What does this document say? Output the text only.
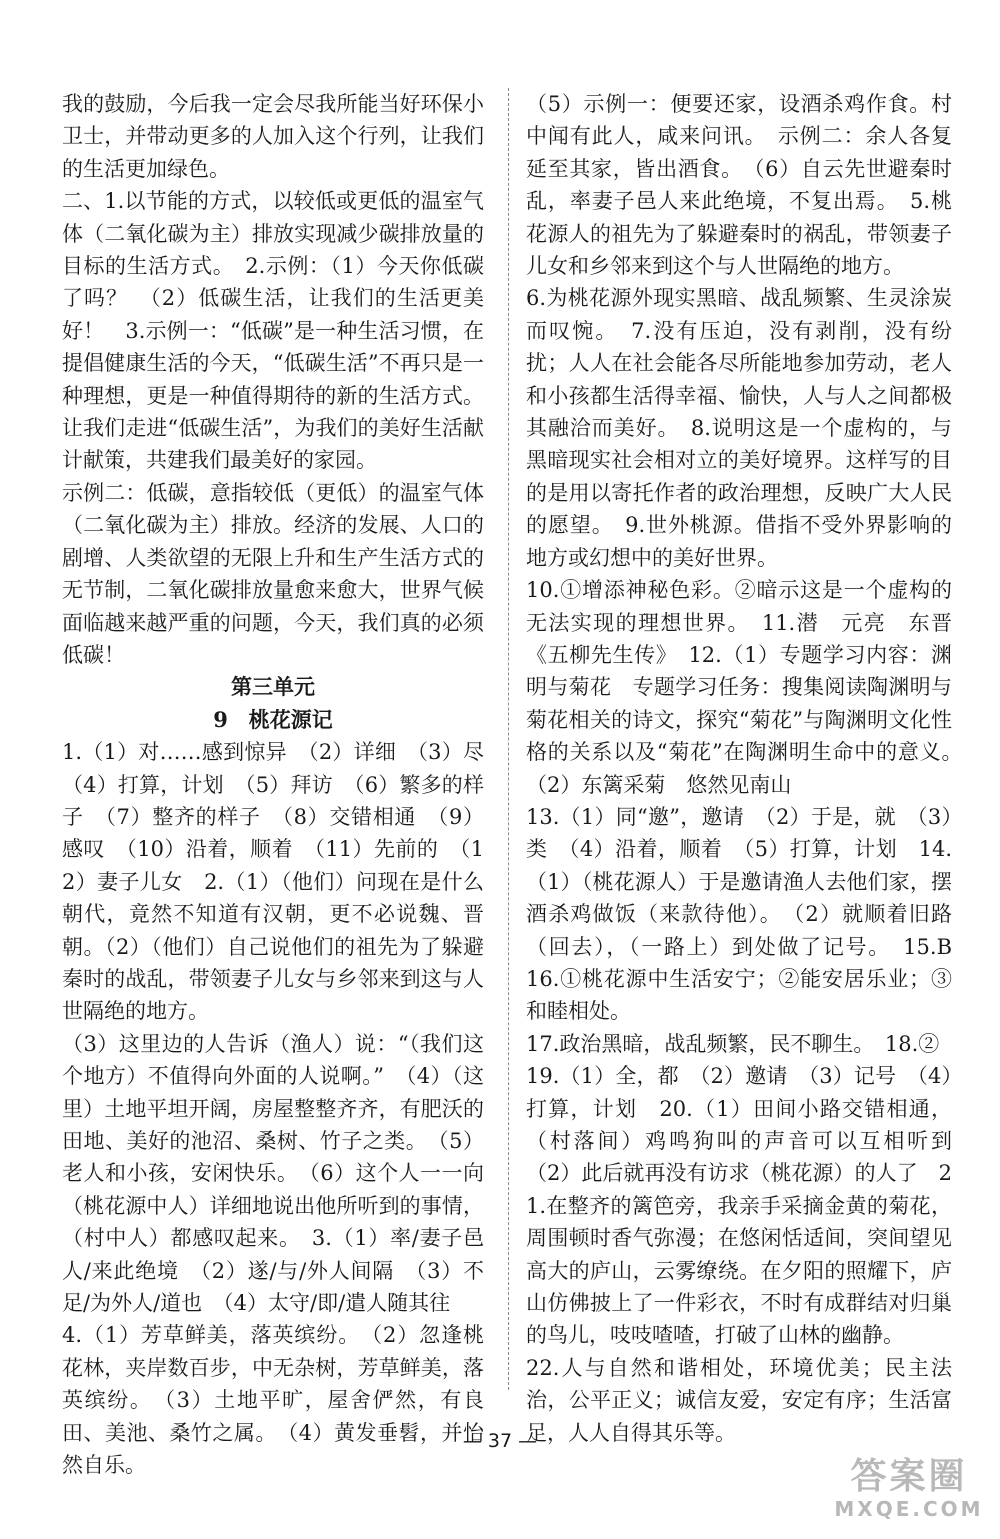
我的鼓励，今后我一定会尽我所能当好环保小卫士，并带动更多的人加入这个行列，让我们的生活更加绿色。

二、1.以节能的方式，以较低或更低的温室气体（二氧化碳为主）排放实现减少碳排放量的目标的生活方式。　2.示例：（1）今天你低碳了吗？　（2）低碳生活，让我们的生活更美好！　3.示例一：“低碳”是一种生活习惯，在提倡健康生活的今天，“低碳生活”不再只是一种理想，更是一种值得期待的新的生活方式。让我们走进“低碳生活”，为我们的美好生活献计献策，共建我们最美好的家园。

示例二：低碳，意指较低（更低）的温室气体（二氧化碳为主）排放。经济的发展、人口的剧增、人类欲望的无限上升和生产生活方式的无节制，二氧化碳排放量愈来愈大，世界气候面临越来越严重的问题，今天，我们真的必须低碳！

第三单元

9　桃花源记

1.（1）对……感到惊异　（2）详细　（3）尽　（4）打算，计划　（5）拜访　（6）繁多的样子　（7）整齐的样子　（8）交错相通　（9）感叹　（10）沿着，顺着　（11）先前的　（12）妻子儿女　2.（1）（他们）问现在是什么朝代，竟然不知道有汉朝，更不必说魏、晋朝。（2）（他们）自己说他们的祖先为了躲避秦时的战乱，带领妻子儿女与乡邻来到这与人世隔绝的地方。

（3）这里边的人告诉（渔人）说：“（我们这个地方）不值得向外面的人说啊。”　（4）（这里）土地平坦开阔，房屋整整齐齐，有肥沃的田地、美好的池沼、桑树、竹子之类。　（5）老人和小孩，安闲快乐。　（6）这个人一一向（桃花源中人）详细地说出他所听到的事情，（村中人）都感叹起来。　3.（1）率/妻子邑人/来此绝境　（2）遂/与/外人间隔　（3）不足/为外人/道也　（4）太守/即/遣人随其往

4.（1）芳草鲜美，落英缤纷。　（2）忽逢桃花林，夹岸数百步，中无杂树，芳草鲜美，落英缤纷。　（3）土地平旷，屋舍俨然，有良田、美池、桑竹之属。　（4）黄发垂髫，并怡然自乐。

（5）示例一：便要还家，设酒杀鸡作食。村中闻有此人，咸来问讯。　示例二：余人各复延至其家，皆出酒食。　（6）自云先世避秦时乱，率妻子邑人来此绝境，不复出焉。　5.桃花源人的祖先为了躲避秦时的祸乱，带领妻子儿女和乡邻来到这个与人世隔绝的地方。

6.为桃花源外现实黑暗、战乱频繁、生灵涂炭而叹惋。　7.没有压迫，没有剥削，没有纷扰；人人在社会能各尽所能地参加劳动，老人和小孩都生活得幸福、愉快，人与人之间都极其融洽而美好。　8.说明这是一个虚构的，与黑暗现实社会相对立的美好境界。这样写的目的是用以寄托作者的政治理想，反映广大人民的愿望。　9.世外桃源。借指不受外界影响的地方或幻想中的美好世界。

10.①增添神秘色彩。②暗示这是一个虚构的无法实现的理想世界。　11.潜　元亮　东晋　《五柳先生传》　12.（1）专题学习内容：渊明与菊花　专题学习任务：搜集阅读陶渊明与菊花相关的诗文，探究“菊花”与陶渊明文化性格的关系以及“菊花”在陶渊明生命中的意义。　（2）东篱采菊　悠然见南山

13.（1）同“邀”，邀请　（2）于是，就　（3）类　（4）沿着，顺着　（5）打算，计划　14.（1）（桃花源人）于是邀请渔人去他们家，摆酒杀鸡做饭（来款待他）。　（2）就顺着旧路（回去），（一路上）到处做了记号。　15.B　16.①桃花源中生活安宁；②能安居乐业；③和睦相处。

17.政治黑暗，战乱频繁，民不聊生。　18.②

19.（1）全，都　（2）邀请　（3）记号　（4）打算，计划　20.（1）田间小路交错相通，（村落间）鸡鸣狗叫的声音可以互相听到　（2）此后就再没有访求（桃花源）的人了　21.在整齐的篱笆旁，我亲手采摘金黄的菊花，周围顿时香气弥漫；在悠闲恬适间，突间望见高大的庐山，云雾缭绕。在夕阳的照耀下，庐山仿佛披上了一件彩衣，不时有成群结对归巢的鸟儿，吱吱喳喳，打破了山林的幽静。

22.人与自然和谐相处，环境优美；民主法治，公平正义；诚信友爱，安定有序；生活富足，人人自得其乐等。

— 37 —
答案圈
MXQE.COM
